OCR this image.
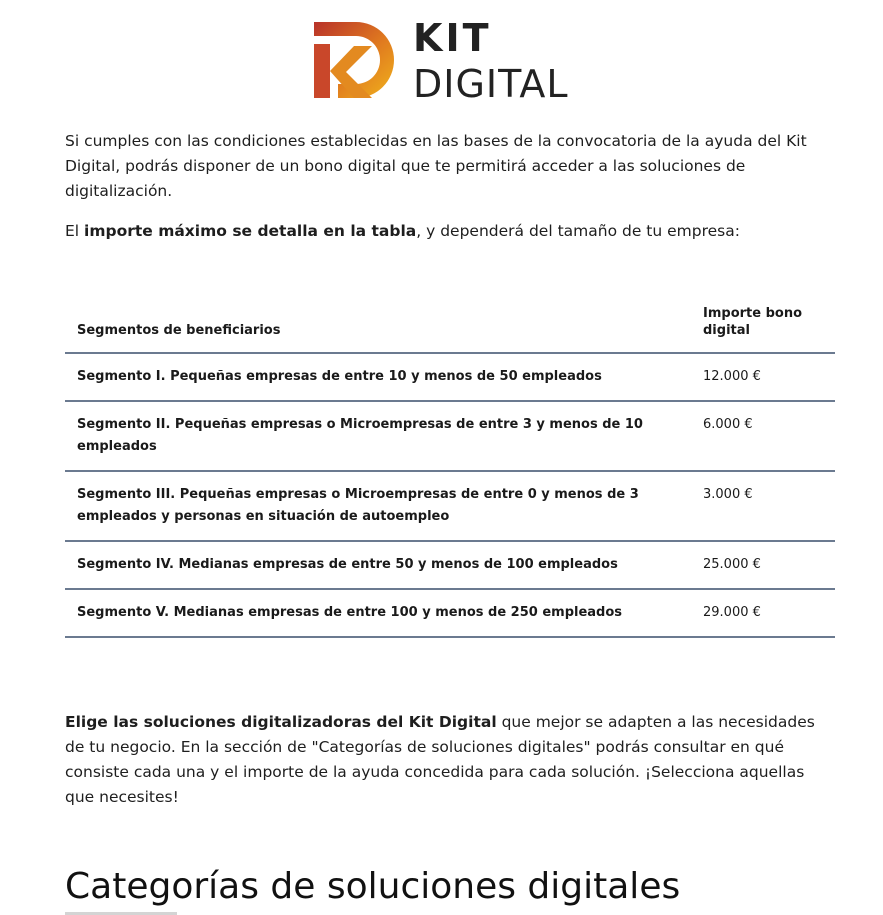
KIT
DIGITAL

Si cumples con las condiciones establecidas en las bases de la convocatoria de la ayuda del Kit Digital, podrás disponer de un bono digital que te permitirá acceder a las soluciones de digitalización.

El importe máximo se detalla en la tabla, y dependerá del tamaño de tu empresa:

Segmentos de beneficiarios	Importe bono digital
Segmento I. Pequeñas empresas de entre 10 y menos de 50 empleados	12.000 €
Segmento II. Pequeñas empresas o Microempresas de entre 3 y menos de 10 empleados	6.000 €
Segmento III. Pequeñas empresas o Microempresas de entre 0 y menos de 3 empleados y personas en situación de autoempleo	3.000 €
Segmento IV. Medianas empresas de entre 50 y menos de 100 empleados	25.000 €
Segmento V. Medianas empresas de entre 100 y menos de 250 empleados	29.000 €

Elige las soluciones digitalizadoras del Kit Digital que mejor se adapten a las necesidades de tu negocio. En la sección de "Categorías de soluciones digitales" podrás consultar en qué consiste cada una y el importe de la ayuda concedida para cada solución. ¡Selecciona aquellas que necesites!

Categorías de soluciones digitales
